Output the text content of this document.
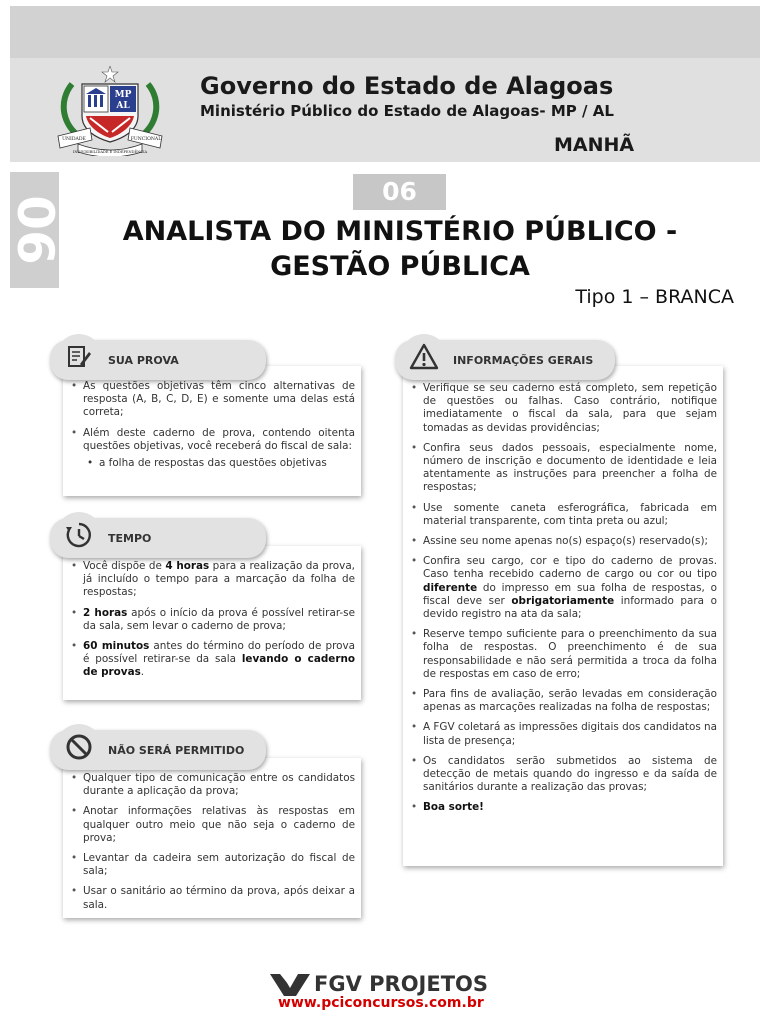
MP
AL
UNIDADE	FUNCIONAL
INDIVISIBILIDADE E INDEPENDÊNCIA
Governo do Estado de Alagoas
Ministério Público do Estado de Alagoas- MP / AL
MANHÃ
06
06
ANALISTA DO MINISTÉRIO PÚBLICO -
GESTÃO PÚBLICA
Tipo 1 – BRANCA
• As questões objetivas têm cinco alternativas de resposta (A, B, C, D, E) e somente uma delas está correta;
• Além deste caderno de prova, contendo oitenta questões objetivas, você receberá do fiscal de sala:
• a folha de respostas das questões objetivas
SUA PROVA
• Você dispõe de 4 horas para a realização da prova, já incluído o tempo para a marcação da folha de respostas;
• 2 horas após o início da prova é possível retirar-se da sala, sem levar o caderno de prova;
• 60 minutos antes do término do período de prova é possível retirar-se da sala levando o caderno de provas.
TEMPO
• Qualquer tipo de comunicação entre os candidatos durante a aplicação da prova;
• Anotar informações relativas às respostas em qualquer outro meio que não seja o caderno de prova;
• Levantar da cadeira sem autorização do fiscal de sala;
• Usar o sanitário ao término da prova, após deixar a sala.
NÃO SERÁ PERMITIDO
• Verifique se seu caderno está completo, sem repetição de questões ou falhas. Caso contrário, notifique imediatamente o fiscal da sala, para que sejam tomadas as devidas providências;
• Confira seus dados pessoais, especialmente nome, número de inscrição e documento de identidade e leia atentamente as instruções para preencher a folha de respostas;
• Use somente caneta esferográfica, fabricada em material transparente, com tinta preta ou azul;
• Assine seu nome apenas no(s) espaço(s) reservado(s);
• Confira seu cargo, cor e tipo do caderno de provas. Caso tenha recebido caderno de cargo ou cor ou tipo diferente do impresso em sua folha de respostas, o fiscal deve ser obrigatoriamente informado para o devido registro na ata da sala;
• Reserve tempo suficiente para o preenchimento da sua folha de respostas. O preenchimento é de sua responsabilidade e não será permitida a troca da folha de respostas em caso de erro;
• Para fins de avaliação, serão levadas em consideração apenas as marcações realizadas na folha de respostas;
• A FGV coletará as impressões digitais dos candidatos na lista de presença;
• Os candidatos serão submetidos ao sistema de detecção de metais quando do ingresso e da saída de sanitários durante a realização das provas;
• Boa sorte!
INFORMAÇÕES GERAIS
FGV PROJETOS
www.pciconcursos.com.br
